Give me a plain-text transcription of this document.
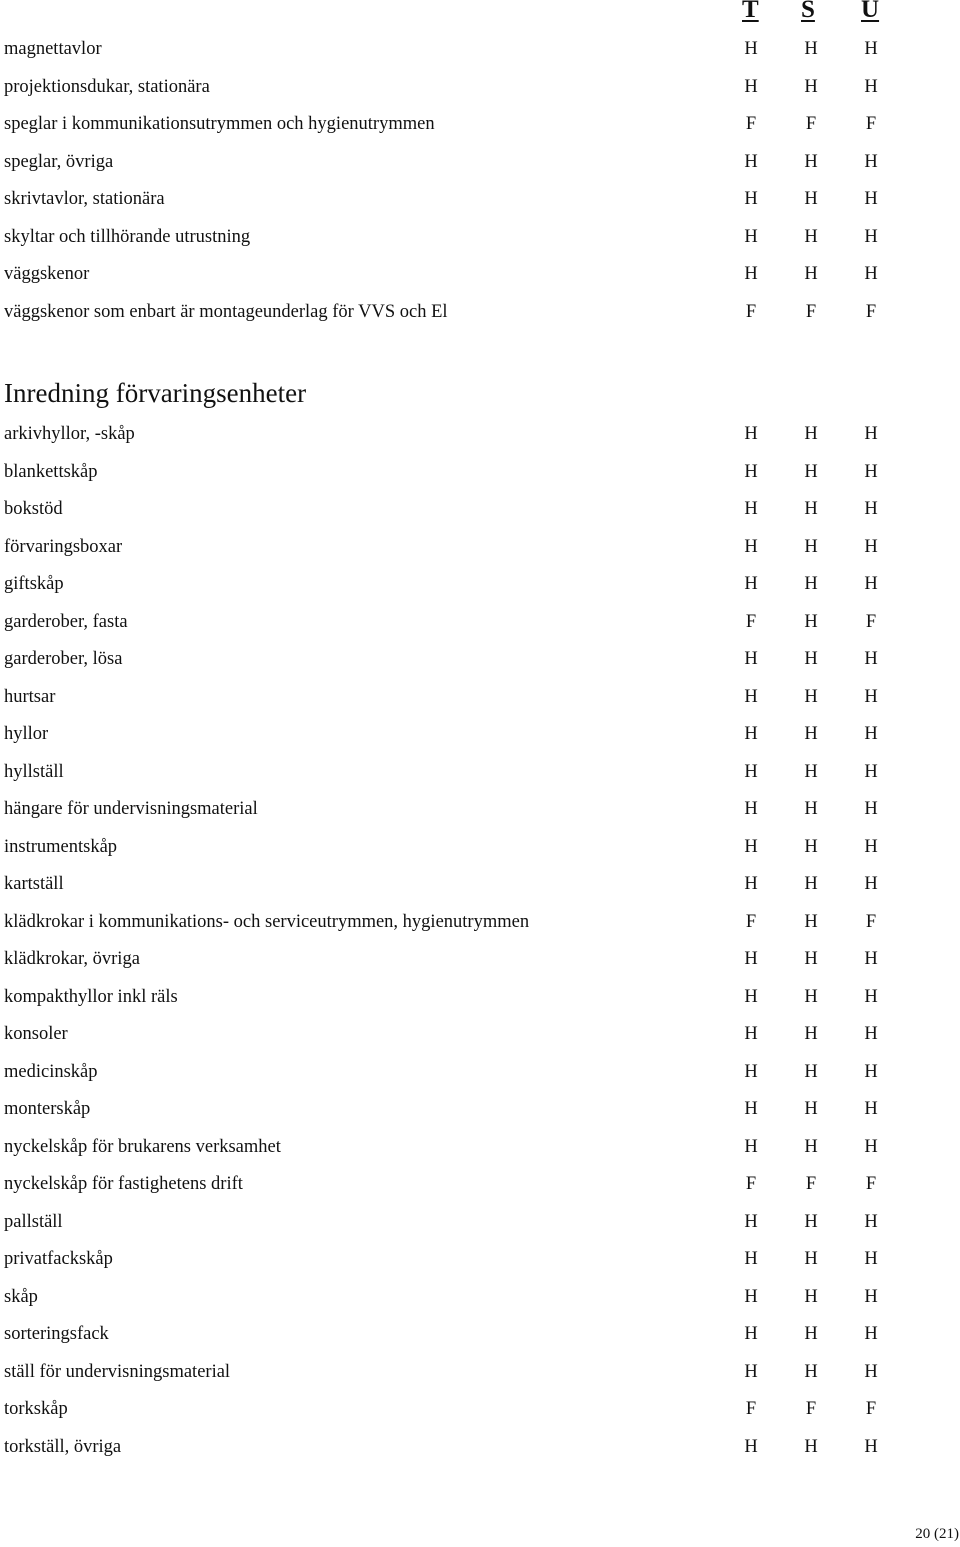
T S U
magnettavlor	H	H	H
projektionsdukar, stationära	H	H	H
speglar i kommunikationsutrymmen och hygienutrymmen	F	F	F
speglar, övriga	H	H	H
skrivtavlor, stationära	H	H	H
skyltar och tillhörande utrustning	H	H	H
väggskenor	H	H	H
väggskenor som enbart är montageunderlag för VVS och El	F	F	F
Inredning förvaringsenheter
arkivhyllor, -skåp	H	H	H
blankettskåp	H	H	H
bokstöd	H	H	H
förvaringsboxar	H	H	H
giftskåp	H	H	H
garderober, fasta	F	H	F
garderober, lösa	H	H	H
hurtsar	H	H	H
hyllor	H	H	H
hyllställ	H	H	H
hängare för undervisningsmaterial	H	H	H
instrumentskåp	H	H	H
kartställ	H	H	H
klädkrokar i kommunikations- och serviceutrymmen, hygienutrymmen	F	H	F
klädkrokar, övriga	H	H	H
kompakthyllor inkl räls	H	H	H
konsoler	H	H	H
medicinskåp	H	H	H
monterskåp	H	H	H
nyckelskåp för brukarens verksamhet	H	H	H
nyckelskåp för fastighetens drift	F	F	F
pallställ	H	H	H
privatfackskåp	H	H	H
skåp	H	H	H
sorteringsfack	H	H	H
ställ för undervisningsmaterial	H	H	H
torkskåp	F	F	F
torkställ, övriga	H	H	H
20 (21)
